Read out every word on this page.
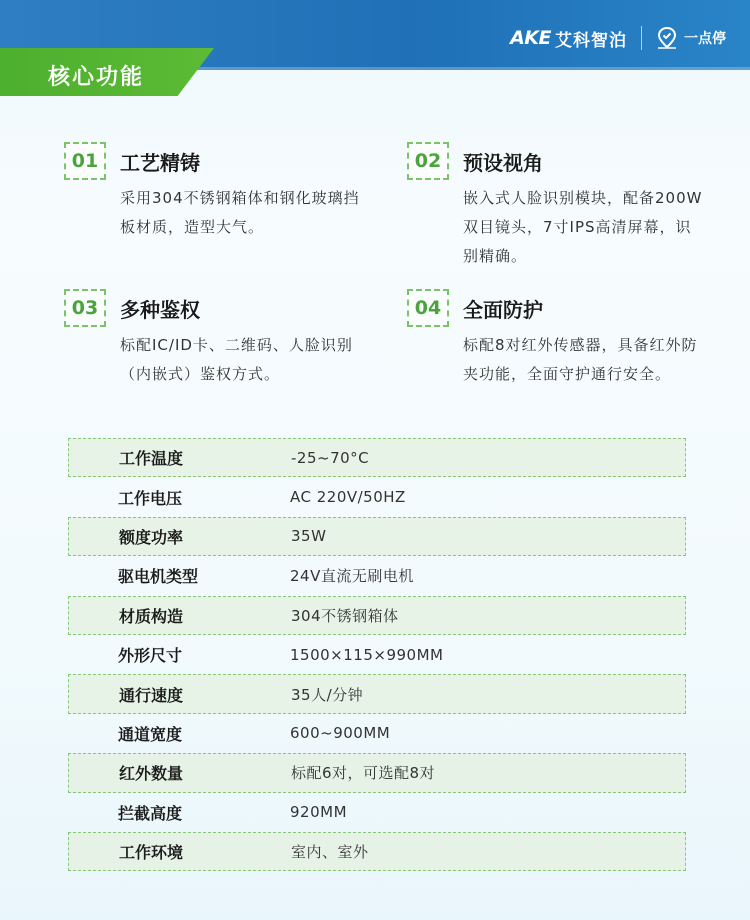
AKE 艾科智泊	一点停
核心功能
01	工艺精铸
采用304不锈钢箱体和钢化玻璃挡板材质，造型大气。
02	预设视角
嵌入式人脸识别模块，配备200W双目镜头，7寸IPS高清屏幕，识别精确。
03	多种鉴权
标配IC/ID卡、二维码、人脸识别（内嵌式）鉴权方式。
04	全面防护
标配8对红外传感器，具备红外防夹功能，全面守护通行安全。
工作温度	-25~70°C
工作电压	AC 220V/50HZ
额度功率	35W
驱电机类型	24V直流无刷电机
材质构造	304不锈钢箱体
外形尺寸	1500×115×990MM
通行速度	35人/分钟
通道宽度	600~900MM
红外数量	标配6对，可选配8对
拦截高度	920MM
工作环境	室内、室外
